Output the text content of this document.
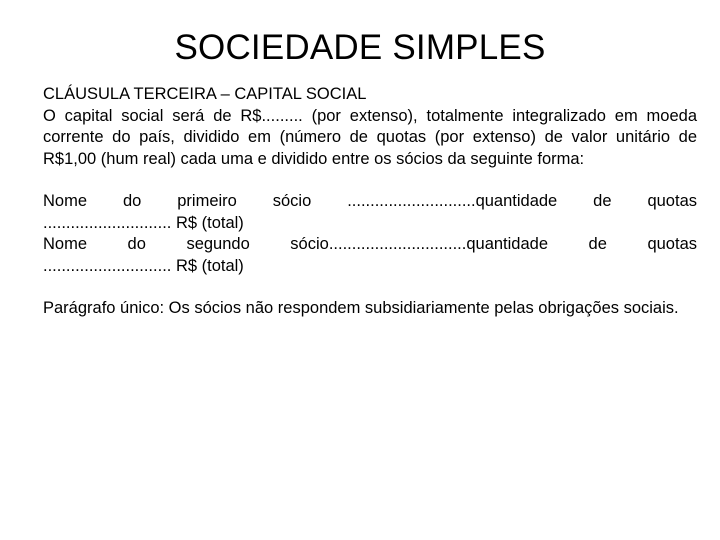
SOCIEDADE SIMPLES

CLÁUSULA TERCEIRA – CAPITAL SOCIAL

O capital social será de R$......... (por extenso), totalmente integralizado em moeda corrente do país, dividido em (número de quotas (por extenso) de valor unitário de R$1,00 (hum real) cada uma e dividido entre os sócios da seguinte forma:

Nome do primeiro sócio ............................quantidade de quotas

............................ R$ (total)

Nome do segundo sócio..............................quantidade de quotas

............................ R$ (total)

Parágrafo único: Os sócios não respondem subsidiariamente pelas obrigações sociais.
